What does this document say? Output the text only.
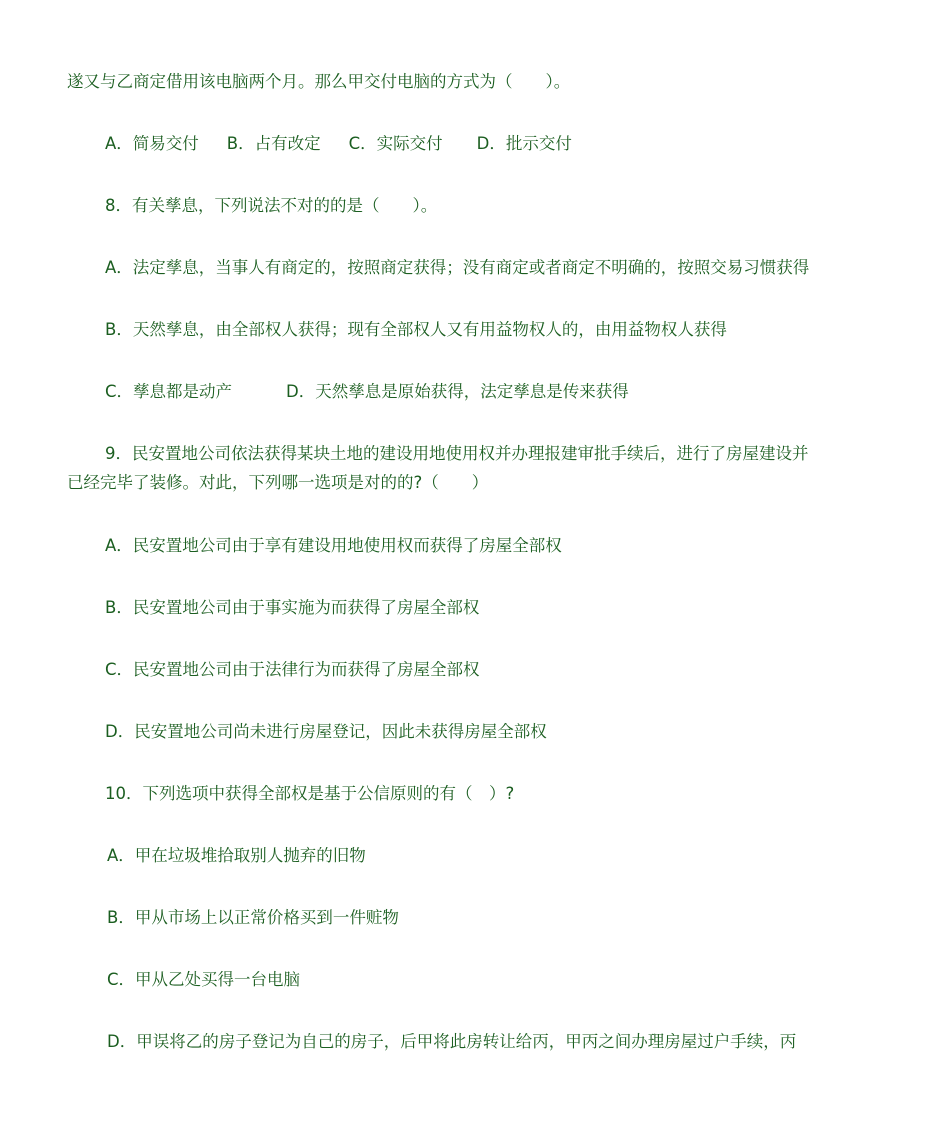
遂又与乙商定借用该电脑两个月。那么甲交付电脑的方式为（　　）。
A．简易交付 B．占有改定 C．实际交付 D．批示交付
8．有关孳息，下列说法不对的的是（　　）。
A．法定孳息，当事人有商定的，按照商定获得；没有商定或者商定不明确的，按照交易习惯获得
B．天然孳息，由全部权人获得；现有全部权人又有用益物权人的，由用益物权人获得
C．孳息都是动产	D．天然孳息是原始获得，法定孳息是传来获得
9．民安置地公司依法获得某块土地的建设用地使用权并办理报建审批手续后，进行了房屋建设并
已经完毕了装修。对此，下列哪一选项是对的的?（　　）
A．民安置地公司由于享有建设用地使用权而获得了房屋全部权
B．民安置地公司由于事实施为而获得了房屋全部权
C．民安置地公司由于法律行为而获得了房屋全部权
D．民安置地公司尚未进行房屋登记，因此未获得房屋全部权
10．下列选项中获得全部权是基于公信原则的有（　）?
A．甲在垃圾堆拾取别人抛弃的旧物
B．甲从市场上以正常价格买到一件赃物
C．甲从乙处买得一台电脑
D．甲误将乙的房子登记为自己的房子，后甲将此房转让给丙，甲丙之间办理房屋过户手续，丙
